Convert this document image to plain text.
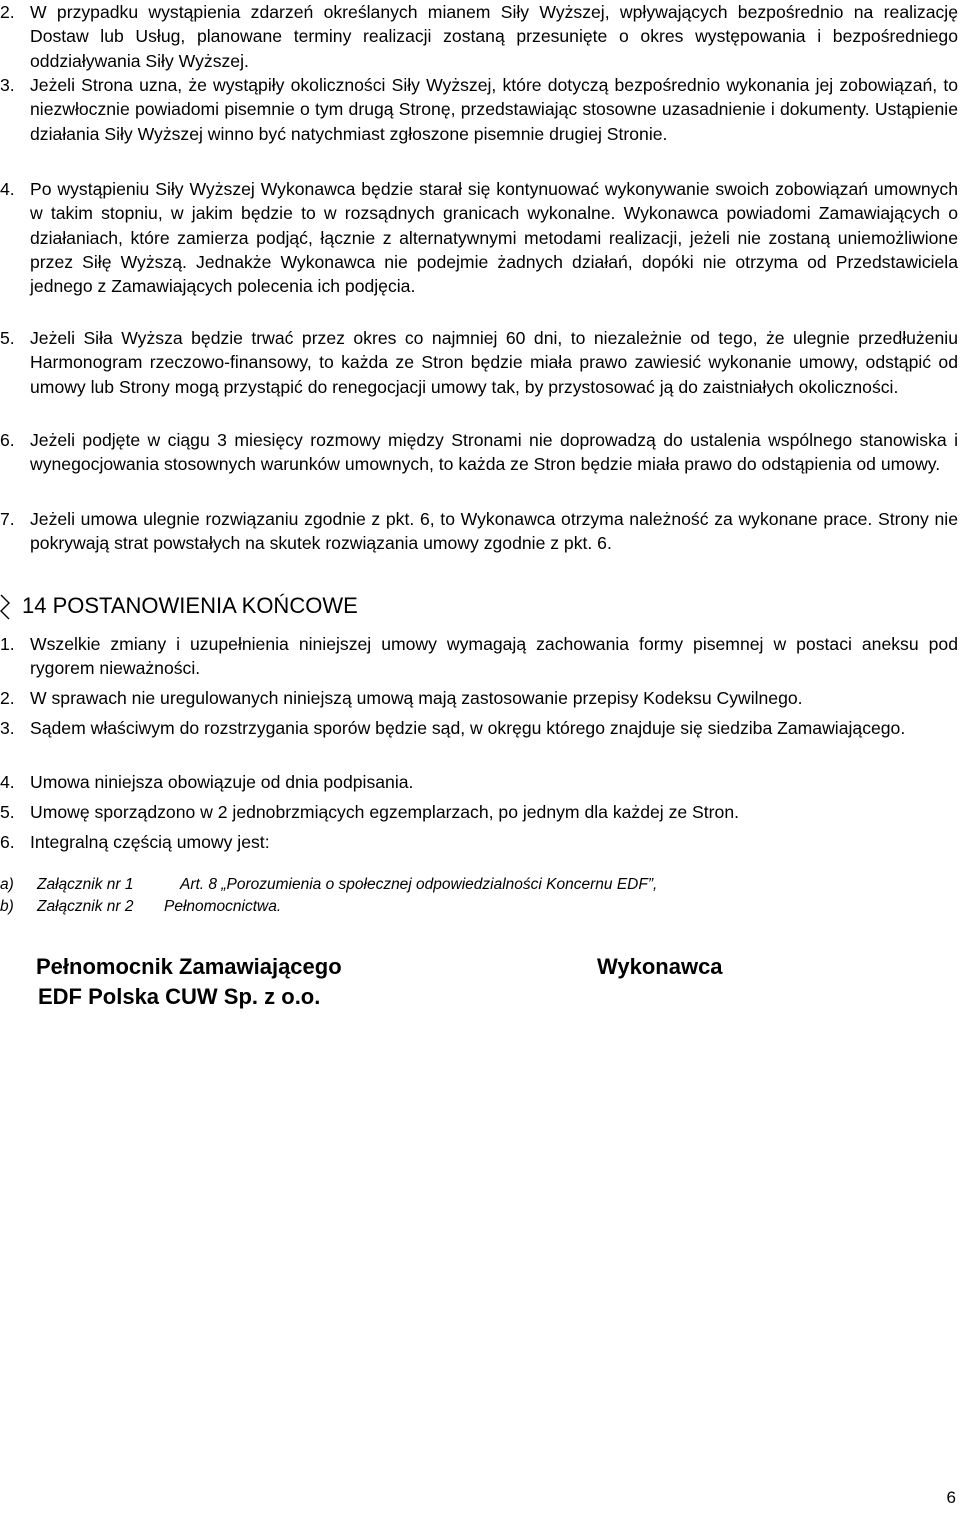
2. W przypadku wystąpienia zdarzeń określanych mianem Siły Wyższej, wpływających bezpośrednio na realizację Dostaw lub Usług, planowane terminy realizacji zostaną przesunięte o okres występowania i bezpośredniego oddziaływania Siły Wyższej.
3. Jeżeli Strona uzna, że wystąpiły okoliczności Siły Wyższej, które dotyczą bezpośrednio wykonania jej zobowiązań, to niezwłocznie powiadomi pisemnie o tym drugą Stronę, przedstawiając stosowne uzasadnienie i dokumenty. Ustąpienie działania Siły Wyższej winno być natychmiast zgłoszone pisemnie drugiej Stronie.
4. Po wystąpieniu Siły Wyższej Wykonawca będzie starał się kontynuować wykonywanie swoich zobowiązań umownych w takim stopniu, w jakim będzie to w rozsądnych granicach wykonalne. Wykonawca powiadomi Zamawiających o działaniach, które zamierza podjąć, łącznie z alternatywnymi metodami realizacji, jeżeli nie zostaną uniemożliwione przez Siłę Wyższą. Jednakże Wykonawca nie podejmie żadnych działań, dopóki nie otrzyma od Przedstawiciela jednego z Zamawiających polecenia ich podjęcia.
5. Jeżeli Siła Wyższa będzie trwać przez okres co najmniej 60 dni, to niezależnie od tego, że ulegnie przedłużeniu Harmonogram rzeczowo-finansowy, to każda ze Stron będzie miała prawo zawiesić wykonanie umowy, odstąpić od umowy lub Strony mogą przystąpić do renegocjacji umowy tak, by przystosować ją do zaistniałych okoliczności.
6. Jeżeli podjęte w ciągu 3 miesięcy rozmowy między Stronami nie doprowadzą do ustalenia wspólnego stanowiska i wynegocjowania stosownych warunków umownych, to każda ze Stron będzie miała prawo do odstąpienia od umowy.
7. Jeżeli umowa ulegnie rozwiązaniu zgodnie z pkt. 6, to Wykonawca otrzyma należność za wykonane prace. Strony nie pokrywają strat powstałych na skutek rozwiązania umowy zgodnie z pkt. 6.
14 POSTANOWIENIA KOŃCOWE
1. Wszelkie zmiany i uzupełnienia niniejszej umowy wymagają zachowania formy pisemnej w postaci aneksu pod rygorem nieważności.
2. W sprawach nie uregulowanych niniejszą umową mają zastosowanie przepisy Kodeksu Cywilnego.
3. Sądem właściwym do rozstrzygania sporów będzie sąd, w okręgu którego znajduje się siedziba Zamawiającego.
4. Umowa niniejsza obowiązuje od dnia podpisania.
5. Umowę sporządzono w 2 jednobrzmiących egzemplarzach, po jednym dla każdej ze Stron.
6. Integralną częścią umowy jest:
a) Załącznik nr 1	Art. 8 „Porozumienia o społecznej odpowiedzialności Koncernu EDF”,
b) Załącznik nr 2 Pełnomocnictwa.
Pełnomocnik Zamawiającego
EDF Polska CUW Sp. z o.o.
Wykonawca
6
